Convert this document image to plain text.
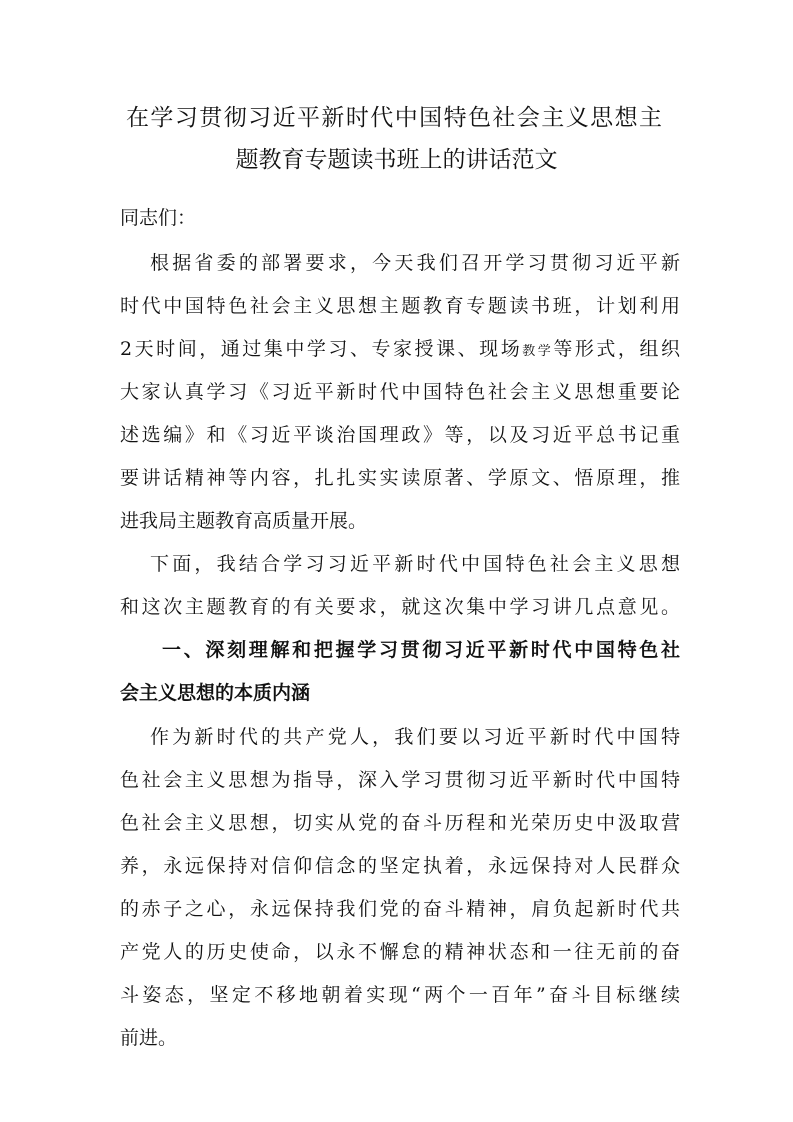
在学习贯彻习近平新时代中国特色社会主义思想主
题教育专题读书班上的讲话范文
同志们：
根据省委的部署要求，今天我们召开学习贯彻习近平新
时代中国特色社会主义思想主题教育专题读书班，计划利用
2天时间，通过集中学习、专家授课、现场教学等形式，组织
大家认真学习《习近平新时代中国特色社会主义思想重要论
述选编》和《习近平谈治国理政》等，以及习近平总书记重
要讲话精神等内容，扎扎实实读原著、学原文、悟原理，推
进我局主题教育高质量开展。
下面，我结合学习习近平新时代中国特色社会主义思想
和这次主题教育的有关要求，就这次集中学习讲几点意见。
一、深刻理解和把握学习贯彻习近平新时代中国特色社
会主义思想的本质内涵
作为新时代的共产党人，我们要以习近平新时代中国特
色社会主义思想为指导，深入学习贯彻习近平新时代中国特
色社会主义思想，切实从党的奋斗历程和光荣历史中汲取营
养，永远保持对信仰信念的坚定执着，永远保持对人民群众
的赤子之心，永远保持我们党的奋斗精神，肩负起新时代共
产党人的历史使命，以永不懈怠的精神状态和一往无前的奋
斗姿态，坚定不移地朝着实现“两个一百年”奋斗目标继续
前进。
